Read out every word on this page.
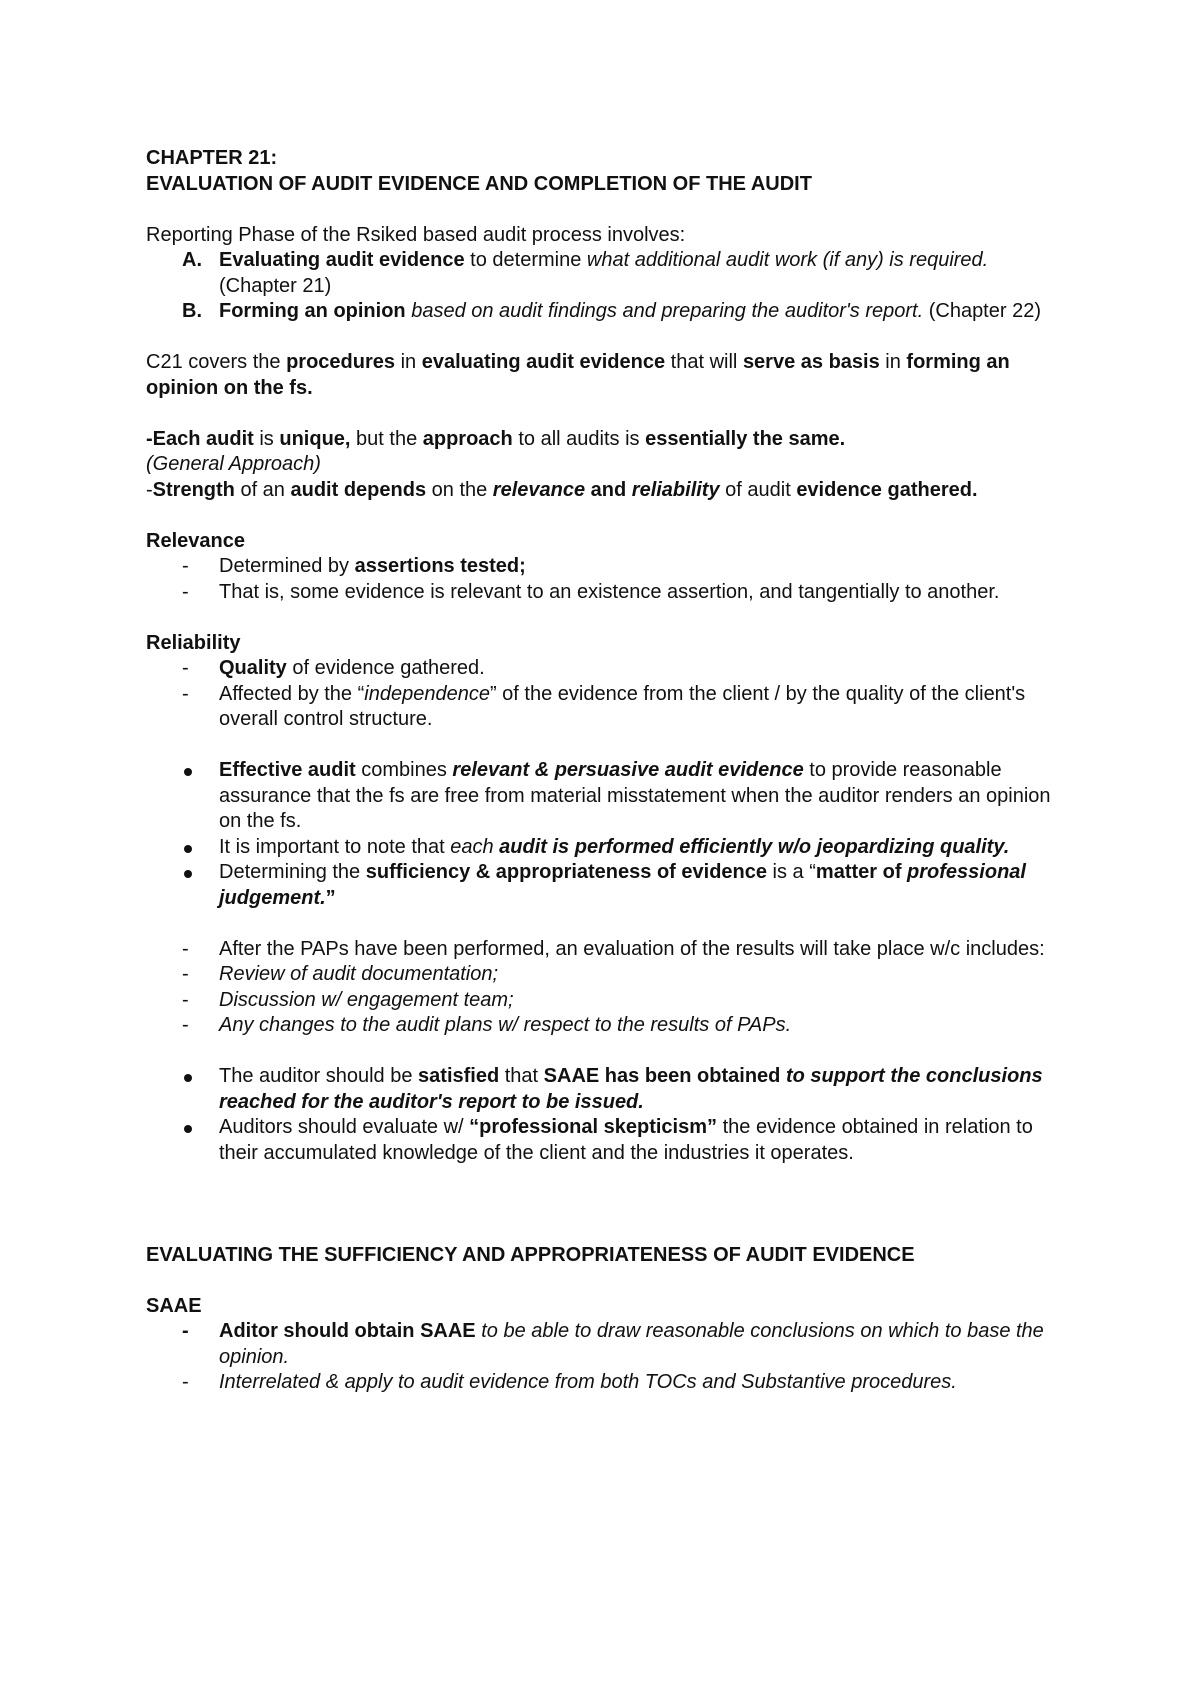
CHAPTER 21:

EVALUATION OF AUDIT EVIDENCE AND COMPLETION OF THE AUDIT

Reporting Phase of the Rsiked based audit process involves:

A. Evaluating audit evidence to determine what additional audit work (if any) is required. (Chapter 21)

B. Forming an opinion based on audit findings and preparing the auditor's report. (Chapter 22)

C21 covers the procedures in evaluating audit evidence that will serve as basis in forming an opinion on the fs.

-Each audit is unique, but the approach to all audits is essentially the same.

(General Approach)

-Strength of an audit depends on the relevance and reliability of audit evidence gathered.

Relevance

-	Determined by assertions tested;

-	That is, some evidence is relevant to an existence assertion, and tangentially to another.

Reliability

-	Quality of evidence gathered.

-	Affected by the “independence” of the evidence from the client / by the quality of the client's overall control structure.

Effective audit combines relevant & persuasive audit evidence to provide reasonable assurance that the fs are free from material misstatement when the auditor renders an opinion on the fs.

It is important to note that each audit is performed efficiently w/o jeopardizing quality.

Determining the sufficiency & appropriateness of evidence is a “matter of professional judgement.”

-	After the PAPs have been performed, an evaluation of the results will take place w/c includes:

-	Review of audit documentation;

-	Discussion w/ engagement team;

-	Any changes to the audit plans w/ respect to the results of PAPs.

The auditor should be satisfied that SAAE has been obtained to support the conclusions reached for the auditor's report to be issued.

Auditors should evaluate w/ “professional skepticism” the evidence obtained in relation to their accumulated knowledge of the client and the industries it operates.

EVALUATING THE SUFFICIENCY AND APPROPRIATENESS OF AUDIT EVIDENCE

SAAE

-	Aditor should obtain SAAE to be able to draw reasonable conclusions on which to base the opinion.

-	Interrelated & apply to audit evidence from both TOCs and Substantive procedures.
